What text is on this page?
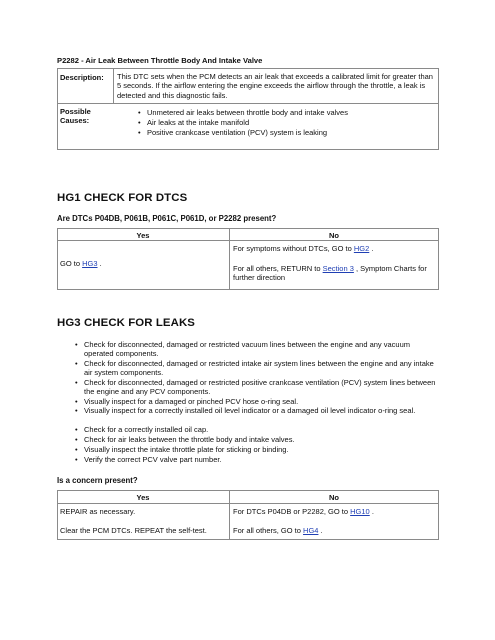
P2282 - Air Leak Between Throttle Body And Intake Valve
Description: This DTC sets when the PCM detects an air leak that exceeds a calibrated limit for greater than 5 seconds. If the airflow entering the engine exceeds the airflow through the throttle, a leak is detected and this diagnostic fails.
Possible Causes:
• Unmetered air leaks between throttle body and intake valves
• Air leaks at the intake manifold
• Positive crankcase ventilation (PCV) system is leaking
HG1 CHECK FOR DTCS
Are DTCs P04DB, P061B, P061C, P061D, or P2282 present?
Yes	No
GO to HG3 .
For symptoms without DTCs, GO to HG2 .
For all others, RETURN to Section 3 , Symptom Charts for further direction
HG3 CHECK FOR LEAKS
• Check for disconnected, damaged or restricted vacuum lines between the engine and any vacuum operated components.
• Check for disconnected, damaged or restricted intake air system lines between the engine and any intake air system components.
• Check for disconnected, damaged or restricted positive crankcase ventilation (PCV) system lines between the engine and any PCV components.
• Visually inspect for a damaged or pinched PCV hose o-ring seal.
• Visually inspect for a correctly installed oil level indicator or a damaged oil level indicator o-ring seal.
• Check for a correctly installed oil cap.
• Check for air leaks between the throttle body and intake valves.
• Visually inspect the intake throttle plate for sticking or binding.
• Verify the correct PCV valve part number.
Is a concern present?
Yes	No
REPAIR as necessary.
Clear the PCM DTCs. REPEAT the self-test.
For DTCs P04DB or P2282, GO to HG10 .
For all others, GO to HG4 .
